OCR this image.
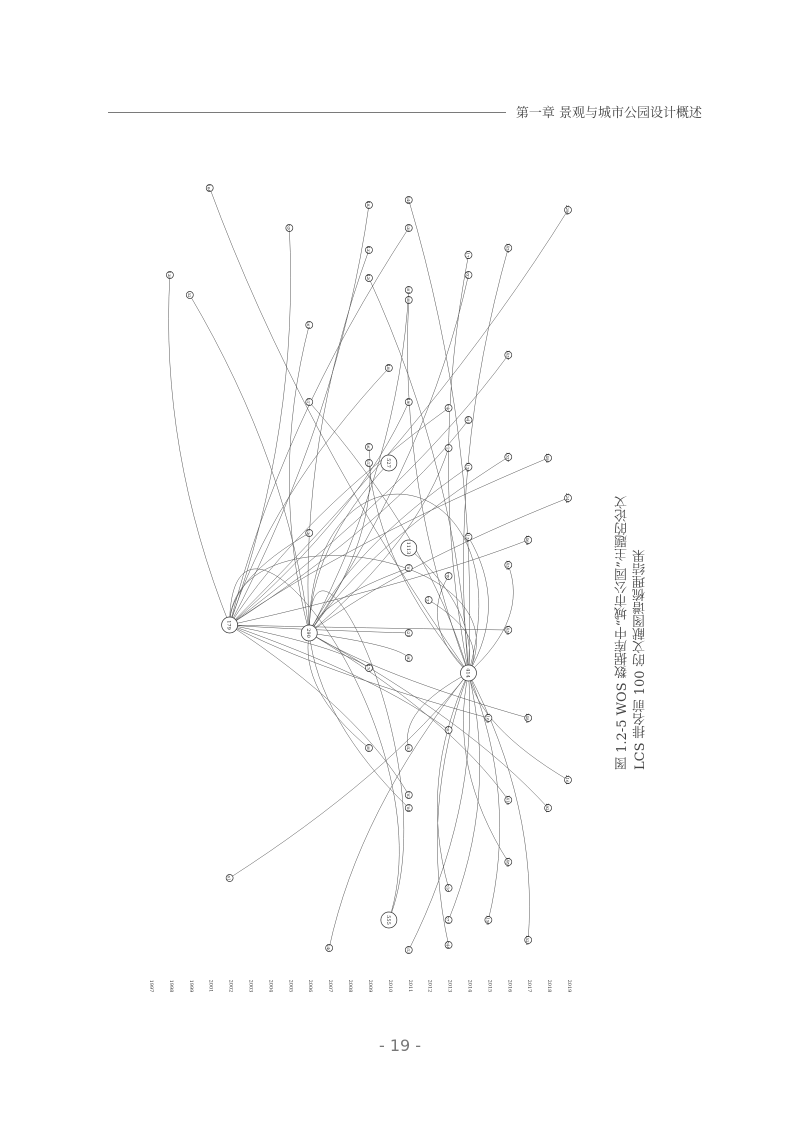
第一章 景观与城市公园设计概述
179
290
414
555
527
1113
138
52
164
320
261
217
236
61
240
483
432
420
408
563
512
470
609
544
538
601
608
499
701
733
621
692
653
702
704
613
740
715
780
803
818
871
844
952
1171
941
1120
1133
1163
1190
1457
1437
1527
1438
1430
1410
1480
1469
1485
1523
1492
1921
2161
2290
2244
1997	1998	1999	2001	2002	2003	2004	2005	2006	2007	2008	2009	2010	2011	2012	2013	2014	2015	2016	2017	2018	2019
图 1.2-5 WOS 数据库中“城市公园”主题的论文 LCS 排名前 100 的文献图谱梳理结果
- 19 -
